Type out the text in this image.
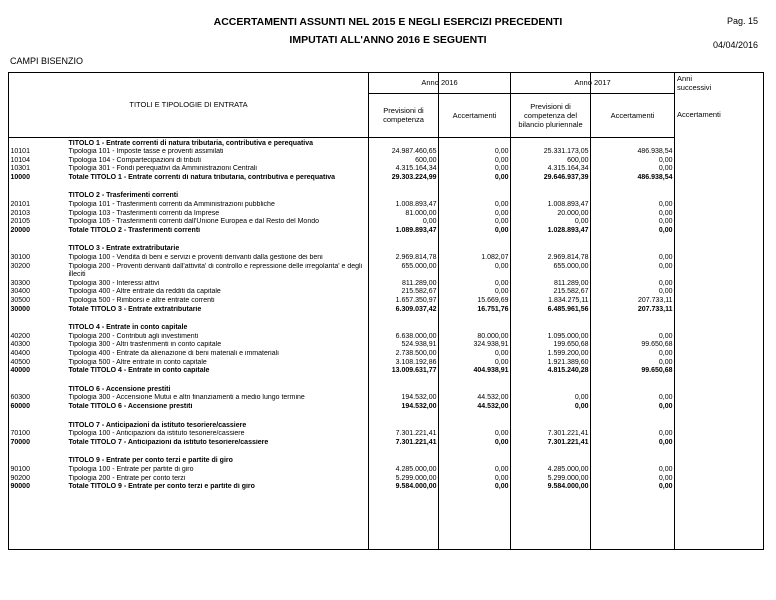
ACCERTAMENTI ASSUNTI NEL 2015 E NEGLI ESERCIZI PRECEDENTI
IMPUTATI ALL'ANNO 2016 E SEGUENTI
Pag. 15
04/04/2016
CAMPI BISENZIO
TITOLI E TIPOLOGIE DI ENTRATA		Anno 2016		Anno 2017		Anni successivi
		Previsioni di competenza	Accertamenti	Previsioni di competenza del bilancio pluriennale	Accertamenti	Accertamenti
	TITOLO 1 - Entrate correnti di natura tributaria, contributiva e perequativa					
10101	Tipologia 101 - Imposte tasse e proventi assimilati	24.987.460,65	0,00	25.331.173,05	486.938,54	
10104	Tipologia 104 - Compartecipazioni di tributi	600,00	0,00	600,00	0,00	
10301	Tipologia 301 - Fondi perequativi da Amministrazioni Centrali	4.315.164,34	0,00	4.315.164,34	0,00	
10000	Totale TITOLO 1 - Entrate correnti di natura tributaria, contributiva e perequativa	29.303.224,99	0,00	29.646.937,39	486.938,54	

	TITOLO 2 - Trasferimenti correnti					
20101	Tipologia 101 - Trasferimenti correnti da Amministrazioni pubbliche	1.008.893,47	0,00	1.008.893,47	0,00	
20103	Tipologia 103 - Trasferimenti correnti da Imprese	81.000,00	0,00	20.000,00	0,00	
20105	Tipologia 105 - Trasferimenti correnti dall'Unione Europea e dal Resto del Mondo	0,00	0,00	0,00	0,00	
20000	Totale TITOLO 2 - Trasferimenti correnti	1.089.893,47	0,00	1.028.893,47	0,00	

	TITOLO 3 - Entrate extratributarie					
30100	Tipologia 100 - Vendita di beni e servizi e proventi derivanti dalla gestione dei beni	2.969.814,78	1.082,07	2.969.814,78	0,00	
30200	Tipologia 200 - Proventi derivanti dall'attivita' di controllo e repressione delle irregolarita' e degli illeciti	655.000,00	0,00	655.000,00	0,00	
30300	Tipologia 300 - Interessi attivi	811.289,00	0,00	811.289,00	0,00	
30400	Tipologia 400 - Altre entrate da redditi da capitale	215.582,67	0,00	215.582,67	0,00	
30500	Tipologia 500 - Rimborsi e altre entrate correnti	1.657.350,97	15.669,69	1.834.275,11	207.733,11	
30000	Totale TITOLO 3 - Entrate extratributarie	6.309.037,42	16.751,76	6.485.961,56	207.733,11	

	TITOLO 4 - Entrate in conto capitale					
40200	Tipologia 200 - Contributi agli investimenti	6.638.000,00	80.000,00	1.095.000,00	0,00	
40300	Tipologia 300 - Altri trasferimenti in conto capitale	524.938,91	324.938,91	199.650,68	99.650,68	
40400	Tipologia 400 - Entrate da alienazione di beni materiali e immateriali	2.738.500,00	0,00	1.599.200,00	0,00	
40500	Tipologia 500 - Altre entrate in conto capitale	3.108.192,86	0,00	1.921.389,60	0,00	
40000	Totale TITOLO 4 - Entrate in conto capitale	13.009.631,77	404.938,91	4.815.240,28	99.650,68	

	TITOLO 6 - Accensione prestiti					
60300	Tipologia 300 - Accensione Mutui e altri finanziamenti a medio lungo termine	194.532,00	44.532,00	0,00	0,00	
60000	Totale TITOLO 6 - Accensione prestiti	194.532,00	44.532,00	0,00	0,00	

	TITOLO 7 - Anticipazioni da istituto tesoriere/cassiere					
70100	Tipologia 100 - Anticipazioni da istituto tesoriere/cassiere	7.301.221,41	0,00	7.301.221,41	0,00	
70000	Totale TITOLO 7 - Anticipazioni da istituto tesoriere/cassiere	7.301.221,41	0,00	7.301.221,41	0,00	

	TITOLO 9 - Entrate per conto terzi e partite di giro					
90100	Tipologia 100 - Entrate per partite di giro	4.285.000,00	0,00	4.285.000,00	0,00	
90200	Tipologia 200 - Entrate per conto terzi	5.299.000,00	0,00	5.299.000,00	0,00	
90000	Totale TITOLO 9 - Entrate per conto terzi e partite di giro	9.584.000,00	0,00	9.584.000,00	0,00	
